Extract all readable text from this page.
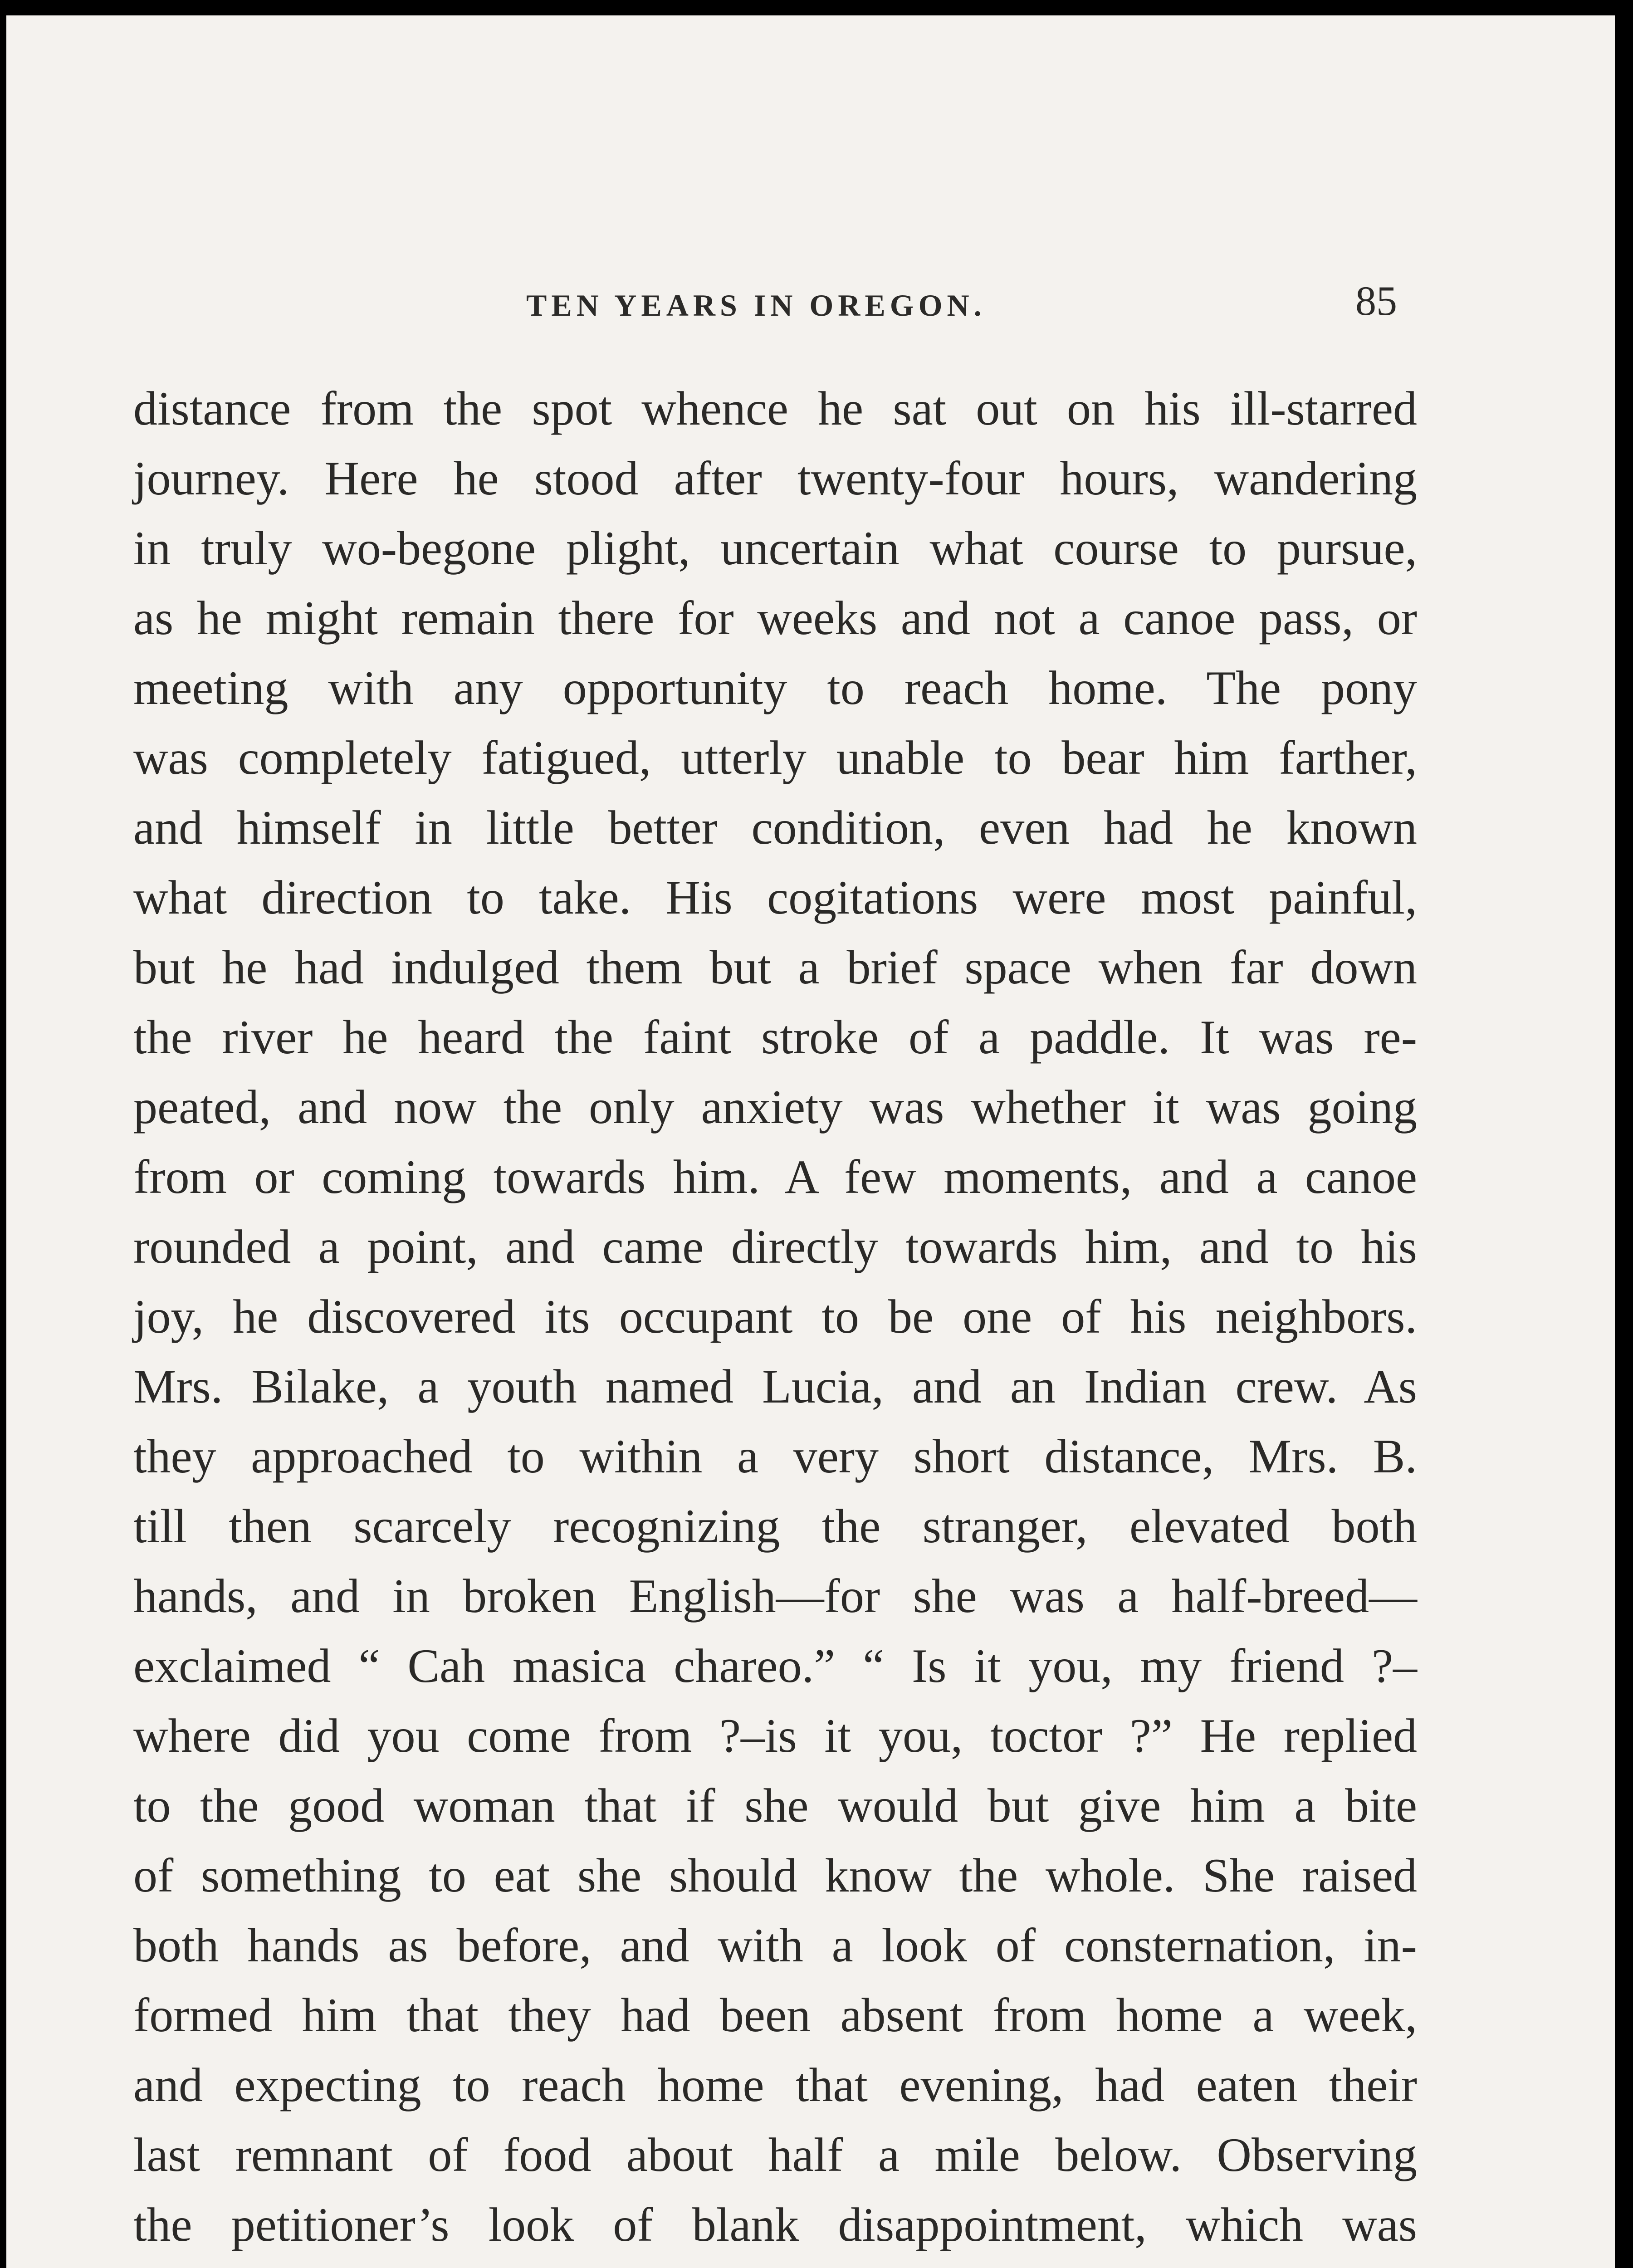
TEN YEARS IN OREGON.	85
distance from the spot whence he sat out on his ill-starred
journey. Here he stood after twenty-four hours, wandering
in truly wo-begone plight, uncertain what course to pursue,
as he might remain there for weeks and not a canoe pass, or
meeting with any opportunity to reach home. The pony
was completely fatigued, utterly unable to bear him farther,
and himself in little better condition, even had he known
what direction to take. His cogitations were most painful,
but he had indulged them but a brief space when far down
the river he heard the faint stroke of a paddle. It was re-
peated, and now the only anxiety was whether it was going
from or coming towards him. A few moments, and a canoe
rounded a point, and came directly towards him, and to his
joy, he discovered its occupant to be one of his neighbors.
Mrs. Bilake, a youth named Lucia, and an Indian crew. As
they approached to within a very short distance, Mrs. B.
till then scarcely recognizing the stranger, elevated both
hands, and in broken English—for she was a half-breed—
exclaimed “ Cah masica chareo.” “ Is it you, my friend ?–
where did you come from ?–is it you, toctor ?” He replied
to the good woman that if she would but give him a bite
of something to eat she should know the whole. She raised
both hands as before, and with a look of consternation, in-
formed him that they had been absent from home a week,
and expecting to reach home that evening, had eaten their
last remnant of food about half a mile below. Observing
the petitioner’s look of blank disappointment, which was
